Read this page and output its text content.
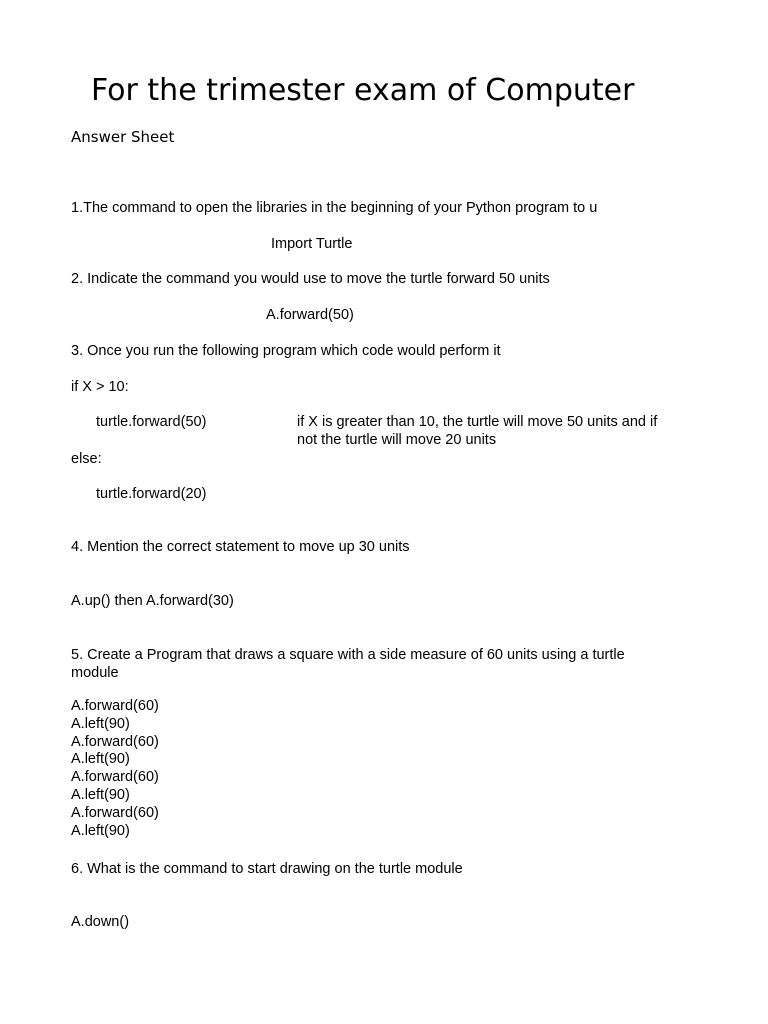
For the trimester exam of Computer
Answer Sheet
1.The command to open the libraries in the beginning of your Python program to u
Import Turtle
2. Indicate the command you would use to move the turtle forward 50 units
A.forward(50)
3. Once you run the following program which code would perform it
if X > 10:
turtle.forward(50)	if X is greater than 10, the turtle will move 50 units and if not the turtle will move 20 units
else:
turtle.forward(20)
4. Mention the correct statement to move up 30 units
A.up() then A.forward(30)
5. Create a Program that draws a square with a side measure of 60 units using a turtle module
A.forward(60)
A.left(90)
A.forward(60)
A.left(90)
A.forward(60)
A.left(90)
A.forward(60)
A.left(90)
6. What is the command to start drawing on the turtle module
A.down()
